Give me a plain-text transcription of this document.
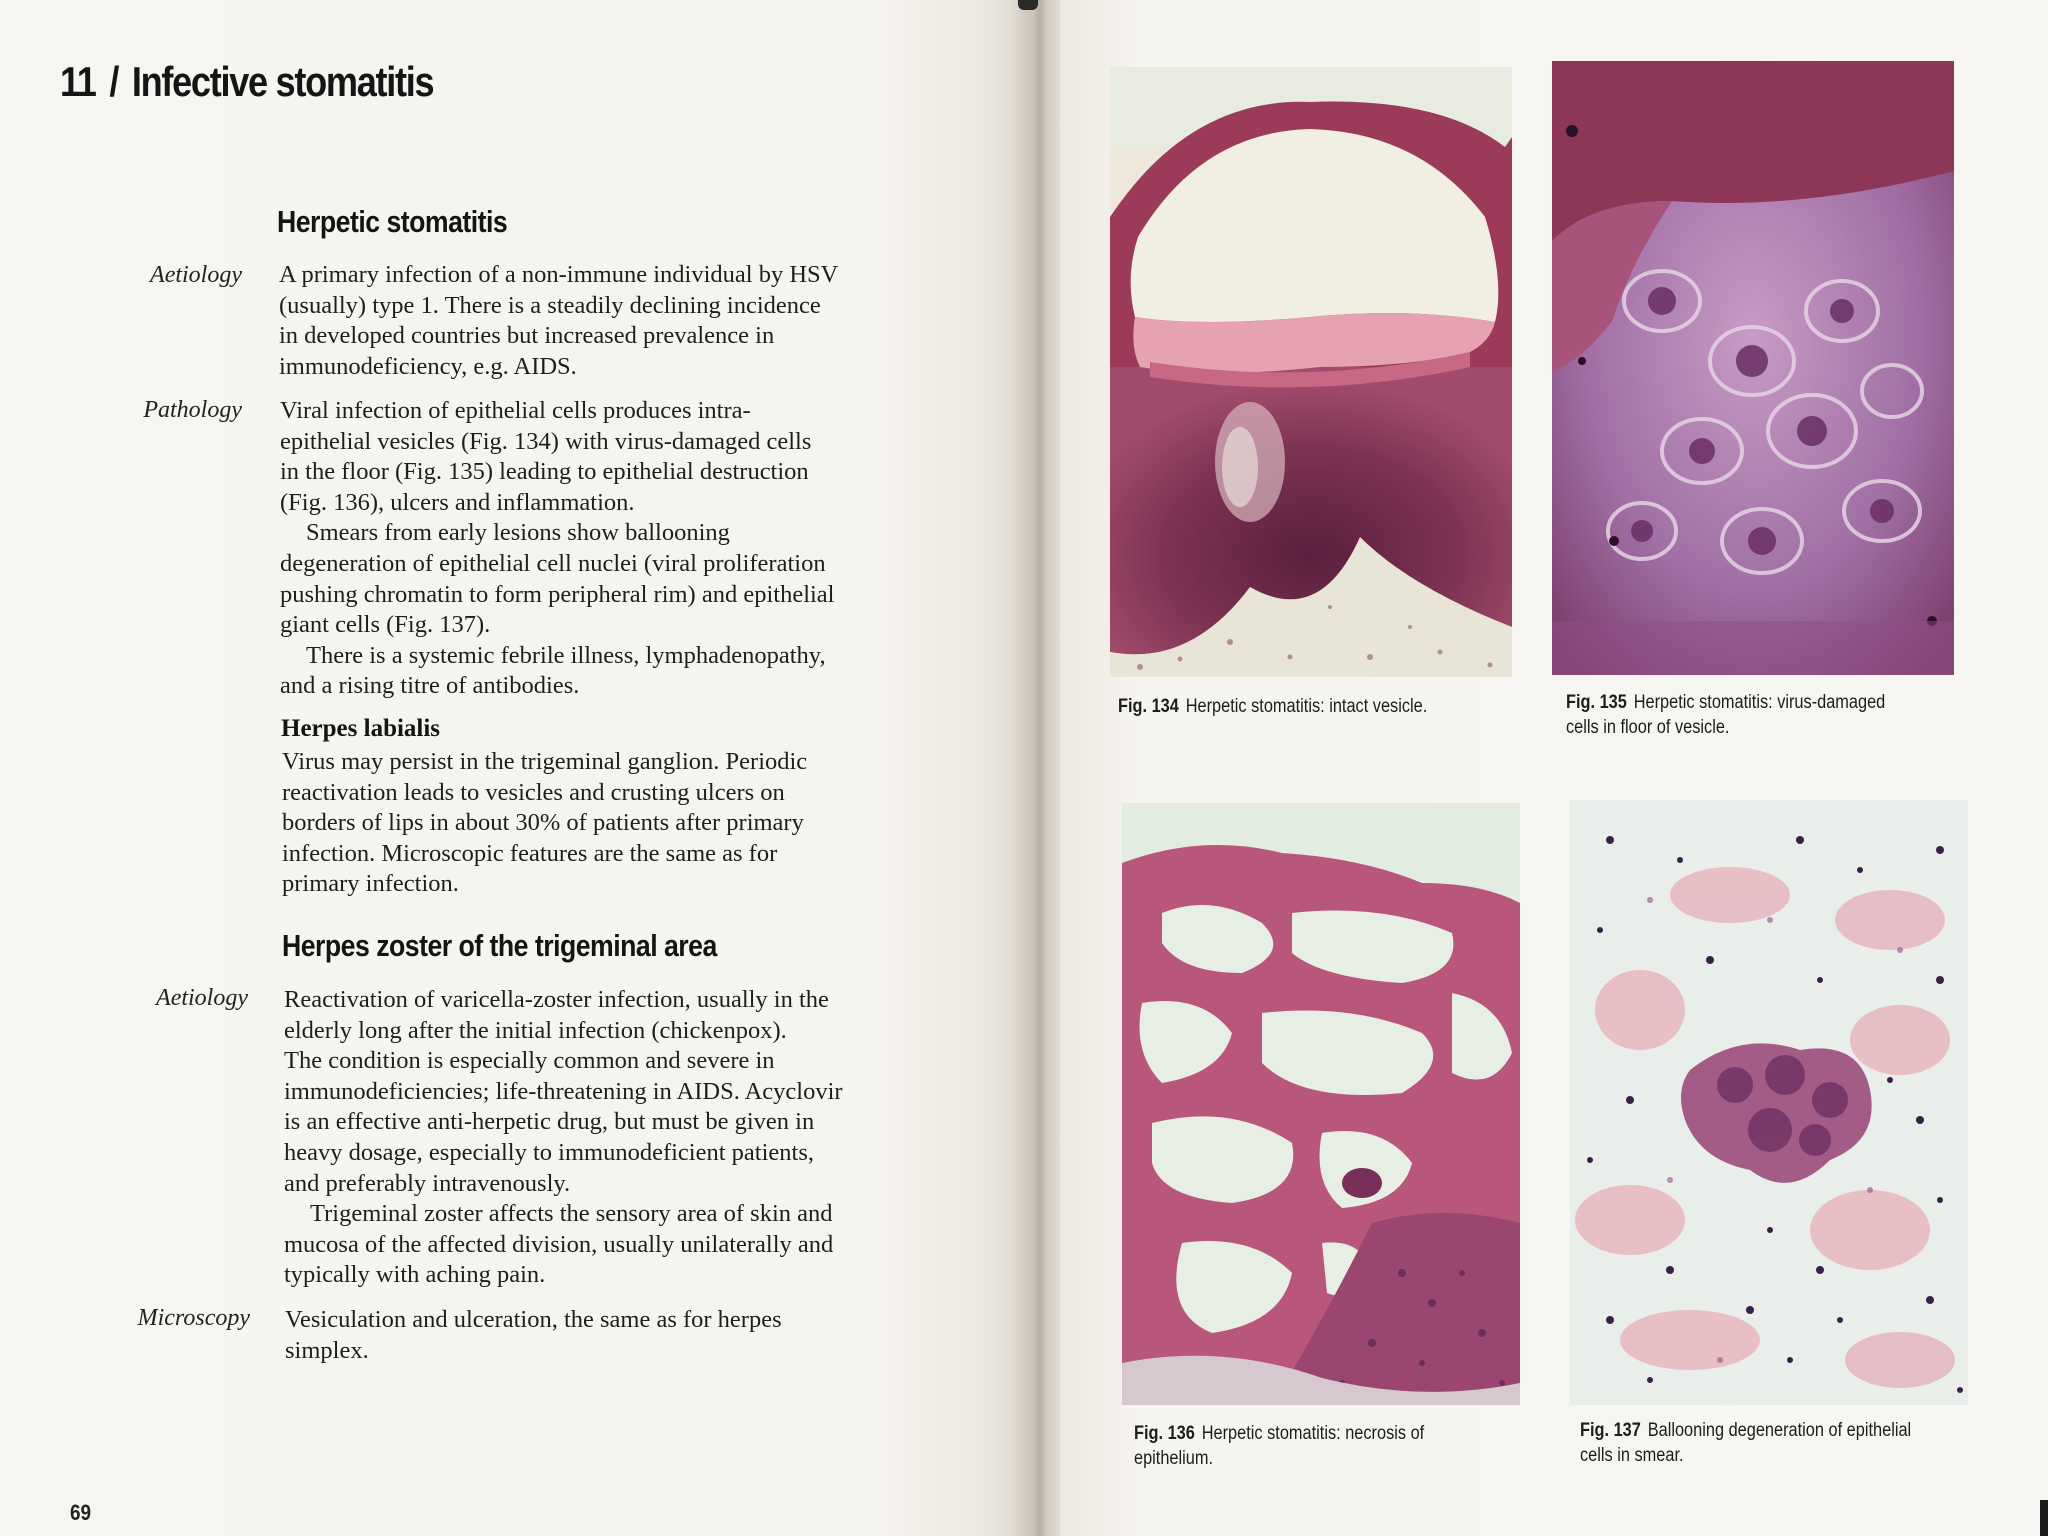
11 / Infective stomatitis
Herpetic stomatitis
Aetiology A primary infection of a non-immune individual by HSV
(usually) type 1. There is a steadily declining incidence
in developed countries but increased prevalence in
immunodeficiency, e.g. AIDS.
Pathology Viral infection of epithelial cells produces intra-
epithelial vesicles (Fig. 134) with virus-damaged cells
in the floor (Fig. 135) leading to epithelial destruction
(Fig. 136), ulcers and inflammation.
Smears from early lesions show ballooning
degeneration of epithelial cell nuclei (viral proliferation
pushing chromatin to form peripheral rim) and epithelial
giant cells (Fig. 137).
There is a systemic febrile illness, lymphadenopathy,
and a rising titre of antibodies.
Herpes labialis
Virus may persist in the trigeminal ganglion. Periodic
reactivation leads to vesicles and crusting ulcers on
borders of lips in about 30% of patients after primary
infection. Microscopic features are the same as for
primary infection.
Herpes zoster of the trigeminal area
Aetiology Reactivation of varicella-zoster infection, usually in the
elderly long after the initial infection (chickenpox).
The condition is especially common and severe in
immunodeficiencies; life-threatening in AIDS. Acyclovir
is an effective anti-herpetic drug, but must be given in
heavy dosage, especially to immunodeficient patients,
and preferably intravenously.
Trigeminal zoster affects the sensory area of skin and
mucosa of the affected division, usually unilaterally and
typically with aching pain.
Microscopy Vesiculation and ulceration, the same as for herpes
simplex.
69
Fig. 134 Herpetic stomatitis: intact vesicle.	Fig. 135 Herpetic stomatitis: virus-damaged
cells in floor of vesicle.
Fig. 136 Herpetic stomatitis: necrosis of
epithelium.
Fig. 137 Ballooning degeneration of epithelial
cells in smear.
